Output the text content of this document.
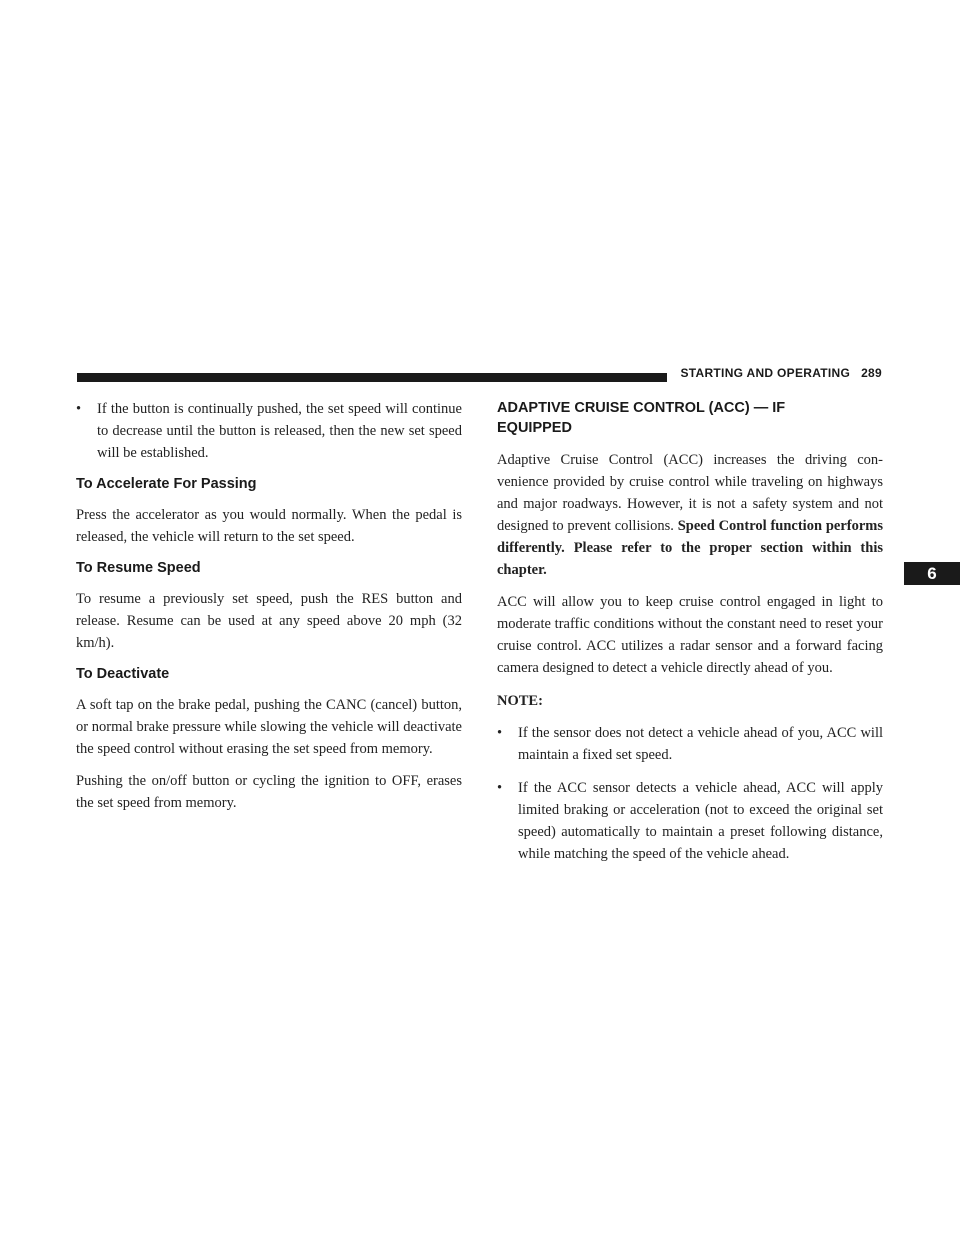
STARTING AND OPERATING 289
6
•	If the button is continually pushed, the set speed will continue to decrease until the button is released, then the new set speed will be established.
To Accelerate For Passing

Press the accelerator as you would normally. When the pedal is released, the vehicle will return to the set speed.

To Resume Speed

To resume a previously set speed, push the RES button and release. Resume can be used at any speed above 20 mph (32 km/h).

To Deactivate

A soft tap on the brake pedal, pushing the CANC (cancel) button, or normal brake pressure while slowing the vehicle will deactivate the speed control without erasing the set speed from memory.

Pushing the on/off button or cycling the ignition to OFF, erases the set speed from memory.

ADAPTIVE CRUISE CONTROL (ACC) — IF
EQUIPPED

Adaptive Cruise Control (ACC) increases the driving con-venience provided by cruise control while traveling on highways and major roadways. However, it is not a safety system and not designed to prevent collisions. Speed Control function performs differently. Please refer to the proper section within this chapter.

ACC will allow you to keep cruise control engaged in light to moderate traffic conditions without the constant need to reset your cruise control. ACC utilizes a radar sensor and a forward facing camera designed to detect a vehicle directly ahead of you.

NOTE:

•	If the sensor does not detect a vehicle ahead of you, ACC will maintain a fixed set speed.
•	If the ACC sensor detects a vehicle ahead, ACC will apply limited braking or acceleration (not to exceed the original set speed) automatically to maintain a preset following distance, while matching the speed of the vehicle ahead.
